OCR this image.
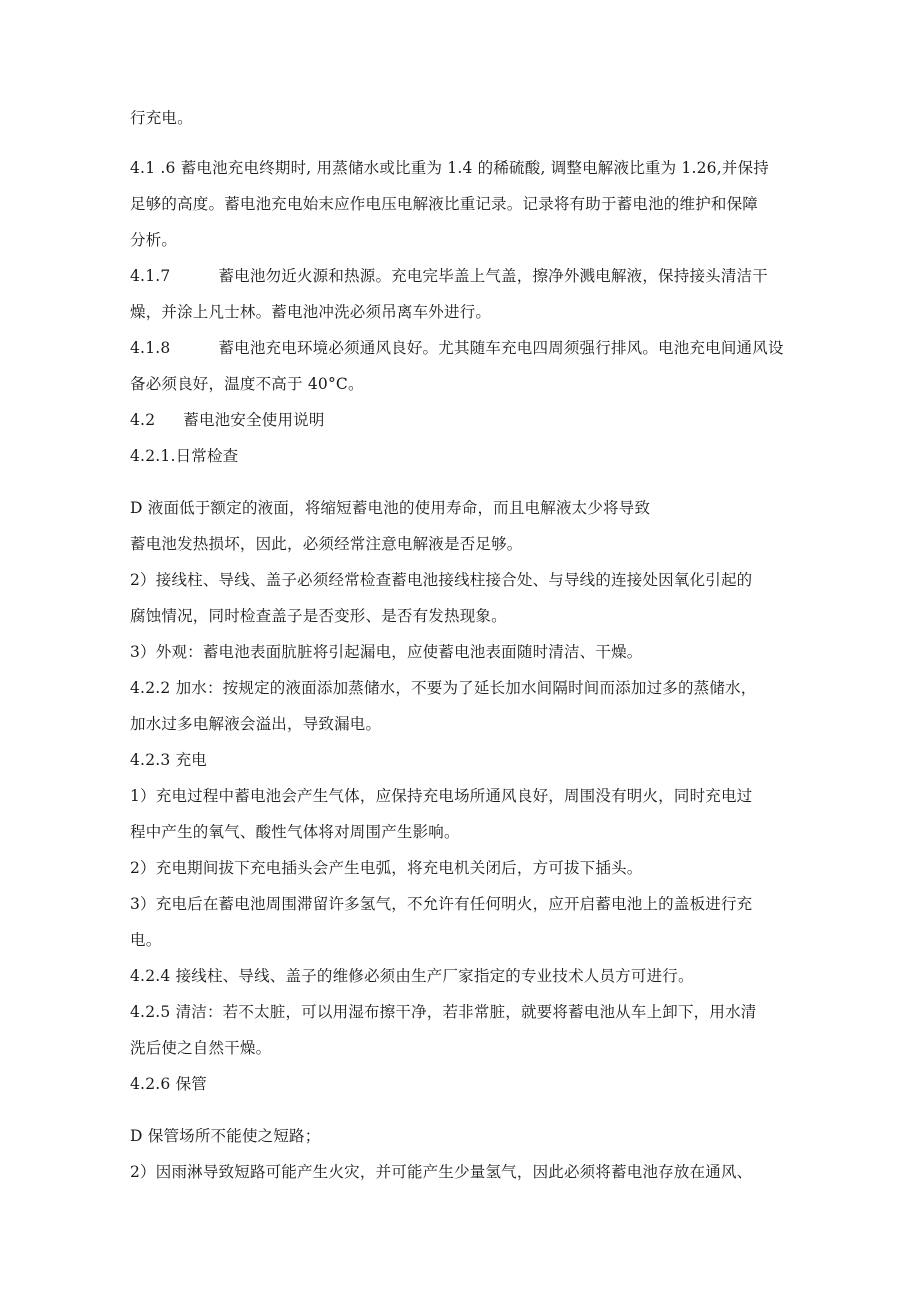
行充电。
4.1 .6 蓄电池充电终期时, 用蒸储水或比重为 1.4 的稀硫酸, 调整电解液比重为 1.26,并保持
足够的高度。蓄电池充电始末应作电压电解液比重记录。记录将有助于蓄电池的维护和保障
分析。
4.1.7	蓄电池勿近火源和热源。充电完毕盖上气盖，擦净外溅电解液，保持接头清洁干
燥，并涂上凡士林。蓄电池冲洗必须吊离车外进行。
4.1.8	蓄电池充电环境必须通风良好。尤其随车充电四周须强行排风。电池充电间通风设
备必须良好，温度不高于 40°C。
4.2 蓄电池安全使用说明
4.2.1.日常检查
D 液面低于额定的液面，将缩短蓄电池的使用寿命，而且电解液太少将导致
蓄电池发热损坏，因此，必须经常注意电解液是否足够。
2）接线柱、导线、盖子必须经常检查蓄电池接线柱接合处、与导线的连接处因氧化引起的
腐蚀情况，同时检查盖子是否变形、是否有发热现象。
3）外观：蓄电池表面肮脏将引起漏电，应使蓄电池表面随时清洁、干燥。
4.2.2 加水：按规定的液面添加蒸储水，不要为了延长加水间隔时间而添加过多的蒸储水，
加水过多电解液会溢出，导致漏电。
4.2.3 充电
1）充电过程中蓄电池会产生气体，应保持充电场所通风良好，周围没有明火，同时充电过
程中产生的氧气、酸性气体将对周围产生影响。
2）充电期间拔下充电插头会产生电弧，将充电机关闭后，方可拔下插头。
3）充电后在蓄电池周围滞留许多氢气，不允许有任何明火，应开启蓄电池上的盖板进行充
电。
4.2.4 接线柱、导线、盖子的维修必须由生产厂家指定的专业技术人员方可进行。
4.2.5 清洁：若不太脏，可以用湿布擦干净，若非常脏，就要将蓄电池从车上卸下，用水清
洗后使之自然干燥。
4.2.6 保管
D 保管场所不能使之短路；
2）因雨淋导致短路可能产生火灾，并可能产生少量氢气，因此必须将蓄电池存放在通风、
